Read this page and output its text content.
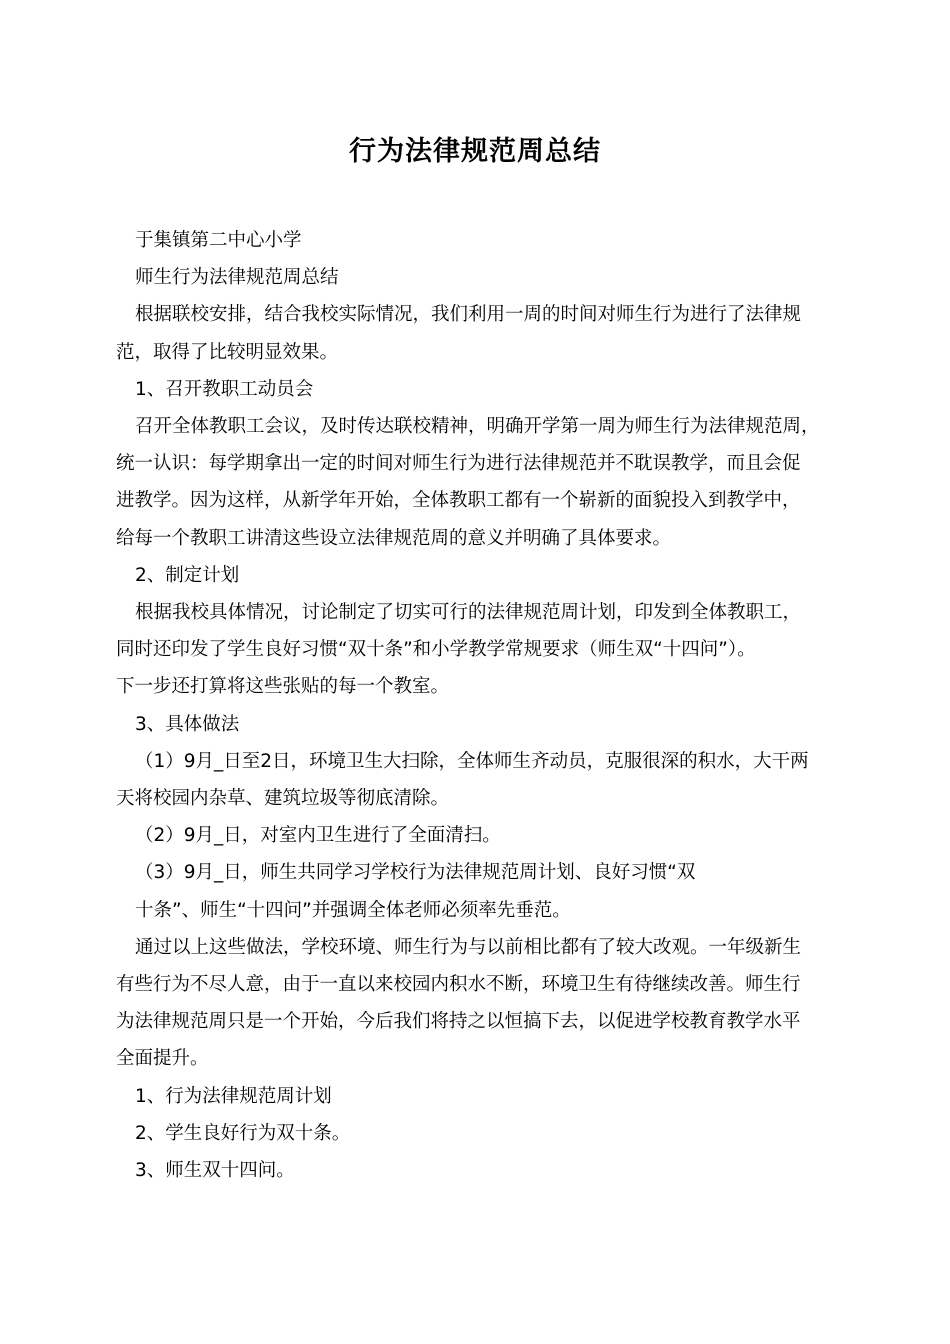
行为法律规范周总结

于集镇第二中心小学

师生行为法律规范周总结

根据联校安排，结合我校实际情况，我们利用一周的时间对师生行为进行了法律规

范，取得了比较明显效果。

1、召开教职工动员会

召开全体教职工会议，及时传达联校精神，明确开学第一周为师生行为法律规范周，

统一认识：每学期拿出一定的时间对师生行为进行法律规范并不耽误教学，而且会促

进教学。因为这样，从新学年开始，全体教职工都有一个崭新的面貌投入到教学中，

给每一个教职工讲清这些设立法律规范周的意义并明确了具体要求。

2、制定计划

根据我校具体情况，讨论制定了切实可行的法律规范周计划，印发到全体教职工，

同时还印发了学生良好习惯“双十条”和小学教学常规要求（师生双“十四问”）。

下一步还打算将这些张贴的每一个教室。

3、具体做法

（1）9月_日至2日，环境卫生大扫除，全体师生齐动员，克服很深的积水，大干两

天将校园内杂草、建筑垃圾等彻底清除。

（2）9月_日，对室内卫生进行了全面清扫。

（3）9月_日，师生共同学习学校行为法律规范周计划、良好习惯“双

十条”、师生“十四问”并强调全体老师必须率先垂范。

通过以上这些做法，学校环境、师生行为与以前相比都有了较大改观。一年级新生

有些行为不尽人意，由于一直以来校园内积水不断，环境卫生有待继续改善。师生行

为法律规范周只是一个开始，今后我们将持之以恒搞下去，以促进学校教育教学水平

全面提升。

1、行为法律规范周计划

2、学生良好行为双十条。

3、师生双十四问。
